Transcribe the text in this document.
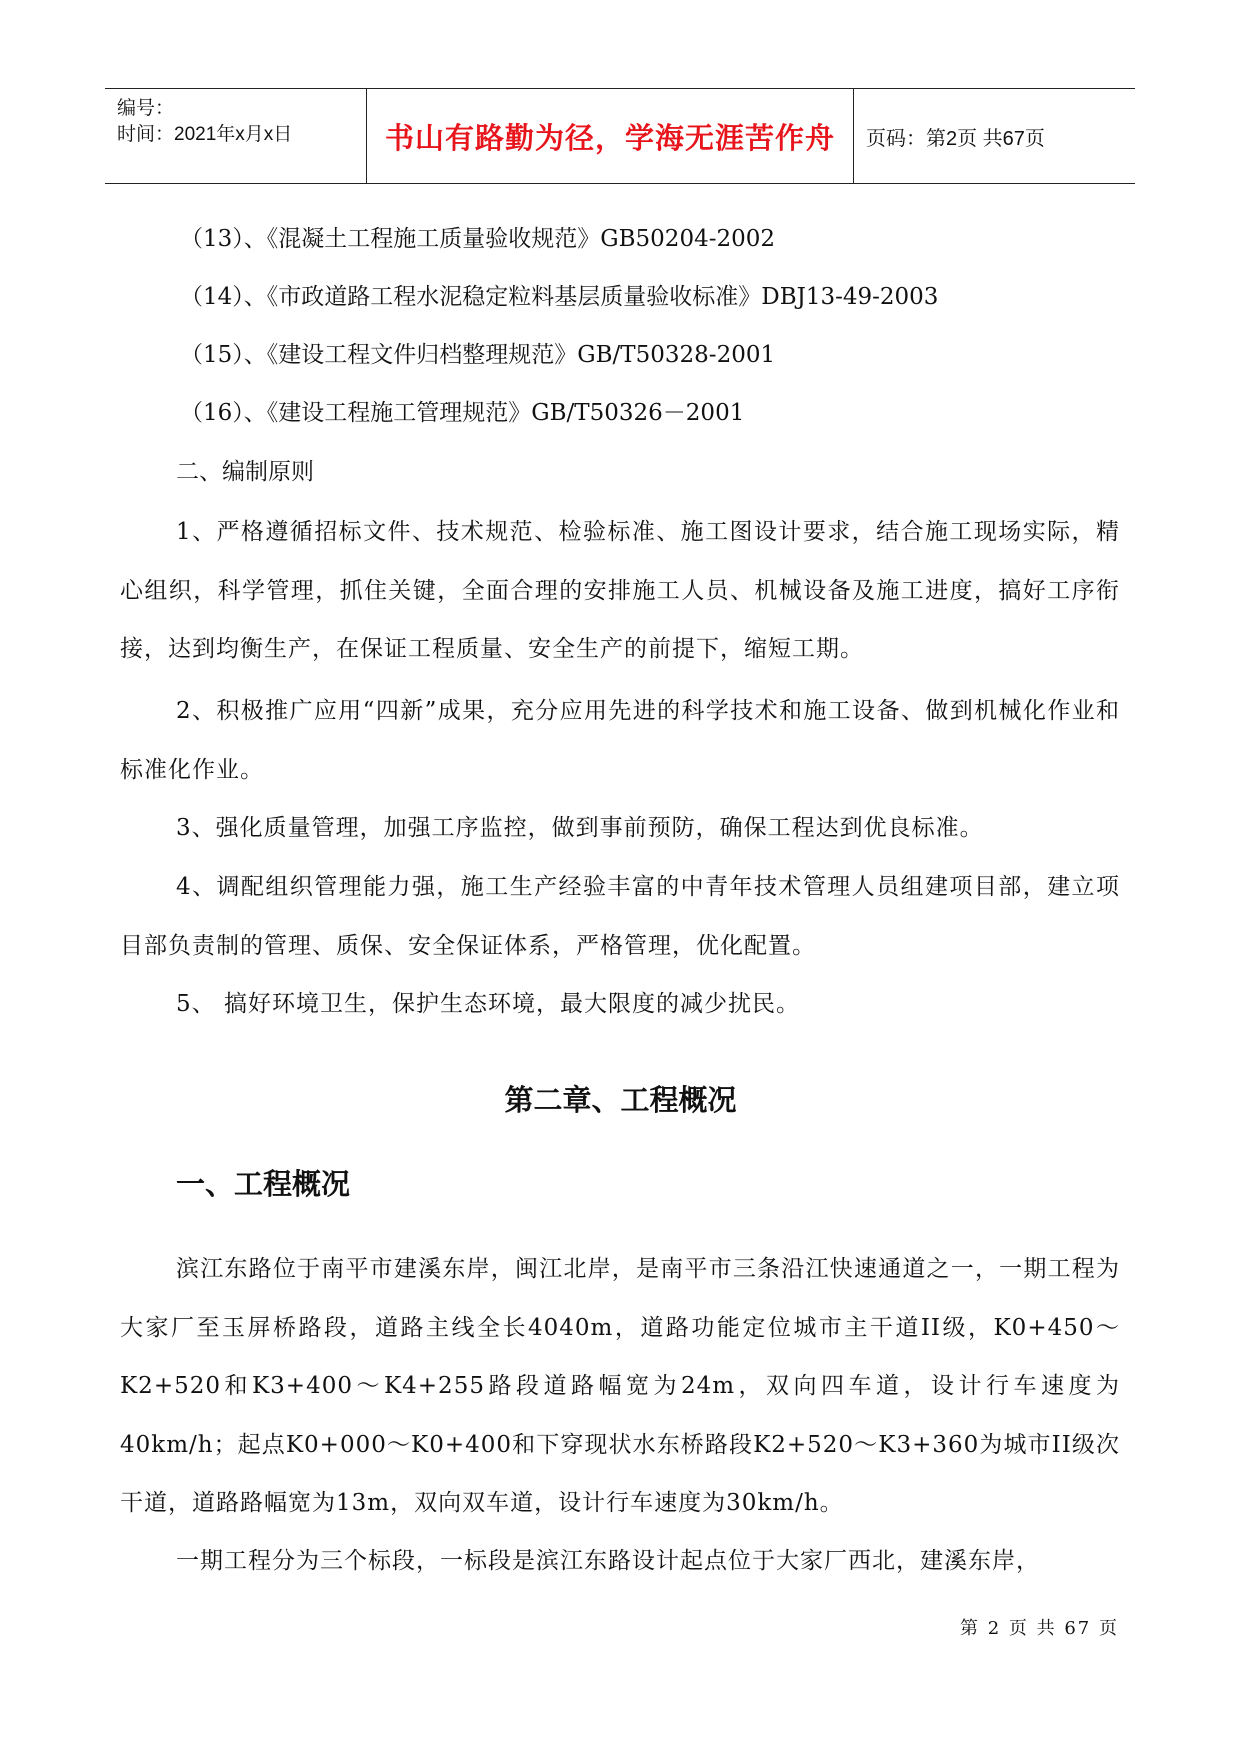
编号：
时间：2021年x月x日	书山有路勤为径，学海无涯苦作舟 页码：第2页 共67页
（13）、《混凝土工程施工质量验收规范》GB50204-2002
（14）、《市政道路工程水泥稳定粒料基层质量验收标准》DBJ13-49-2003
（15）、《建设工程文件归档整理规范》GB/T50328-2001
（16）、《建设工程施工管理规范》GB/T50326－2001
二、编制原则
1、严格遵循招标文件、技术规范、检验标准、施工图设计要求，结合施工现场实际，精心组织，科学管理，抓住关键，全面合理的安排施工人员、机械设备及施工进度，搞好工序衔接，达到均衡生产，在保证工程质量、安全生产的前提下，缩短工期。
2、积极推广应用“四新”成果，充分应用先进的科学技术和施工设备、做到机械化作业和标准化作业。
3、强化质量管理，加强工序监控，做到事前预防，确保工程达到优良标准。
4、调配组织管理能力强，施工生产经验丰富的中青年技术管理人员组建项目部，建立项目部负责制的管理、质保、安全保证体系，严格管理，优化配置。
5、 搞好环境卫生，保护生态环境，最大限度的减少扰民。
第二章、工程概况
一、工程概况
滨江东路位于南平市建溪东岸，闽江北岸，是南平市三条沿江快速通道之一，一期工程为大家厂至玉屏桥路段，道路主线全长4040m，道路功能定位城市主干道II级，K0+450～K2+520和K3+400～K4+255路段道路幅宽为24m，双向四车道，设计行车速度为40km/h；起点K0+000～K0+400和下穿现状水东桥路段K2+520～K3+360为城市II级次干道，道路路幅宽为13m，双向双车道，设计行车速度为30km/h。
一期工程分为三个标段，一标段是滨江东路设计起点位于大家厂西北，建溪东岸，
第 2 页 共 67 页
